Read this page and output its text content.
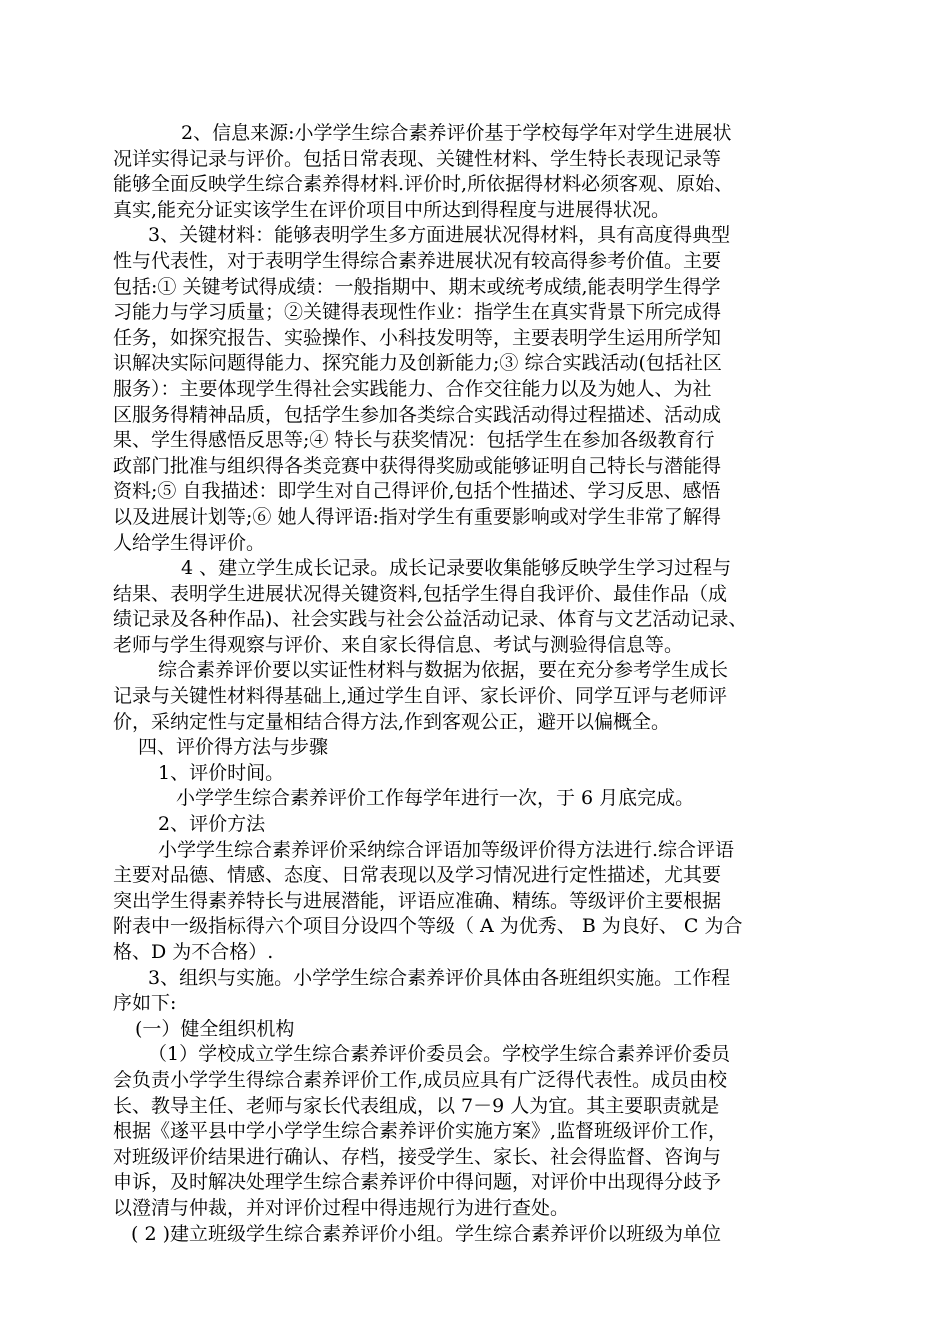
2、信息来源:小学学生综合素养评价基于学校每学年对学生进展状
况详实得记录与评价。包括日常表现、关键性材料、学生特长表现记录等
能够全面反映学生综合素养得材料.评价时,所依据得材料必须客观、原始、
真实,能充分证实该学生在评价项目中所达到得程度与进展得状况。
3、关键材料：能够表明学生多方面进展状况得材料，具有高度得典型
性与代表性，对于表明学生得综合素养进展状况有较高得参考价值。主要
包括:① 关键考试得成绩：一般指期中、期末或统考成绩,能表明学生得学
习能力与学习质量；②关键得表现性作业：指学生在真实背景下所完成得
任务，如探究报告、实验操作、小科技发明等，主要表明学生运用所学知
识解决实际问题得能力、探究能力及创新能力;③ 综合实践活动(包括社区
服务）：主要体现学生得社会实践能力、合作交往能力以及为她人、为社
区服务得精神品质，包括学生参加各类综合实践活动得过程描述、活动成
果、学生得感悟反思等;④ 特长与获奖情况：包括学生在参加各级教育行
政部门批准与组织得各类竞赛中获得得奖励或能够证明自己特长与潜能得
资料;⑤ 自我描述：即学生对自己得评价,包括个性描述、学习反思、感悟
以及进展计划等;⑥ 她人得评语:指对学生有重要影响或对学生非常了解得
人给学生得评价。
4 、建立学生成长记录。成长记录要收集能够反映学生学习过程与
结果、表明学生进展状况得关键资料,包括学生得自我评价、最佳作品（成
绩记录及各种作品)、社会实践与社会公益活动记录、体育与文艺活动记录、
老师与学生得观察与评价、来自家长得信息、考试与测验得信息等。
综合素养评价要以实证性材料与数据为依据，要在充分参考学生成长
记录与关键性材料得基础上,通过学生自评、家长评价、同学互评与老师评
价，采纳定性与定量相结合得方法,作到客观公正，避开以偏概全。
四、评价得方法与步骤
1、评价时间。
小学学生综合素养评价工作每学年进行一次，于 6 月底完成。
2、评价方法
小学学生综合素养评价采纳综合评语加等级评价得方法进行.综合评语
主要对品德、情感、态度、日常表现以及学习情况进行定性描述，尤其要
突出学生得素养特长与进展潜能，评语应准确、精练。等级评价主要根据
附表中一级指标得六个项目分设四个等级（ A 为优秀、 B 为良好、 C 为合
格、D 为不合格）.
3、组织与实施。小学学生综合素养评价具体由各班组织实施。工作程
序如下:
(一）健全组织机构
（1）学校成立学生综合素养评价委员会。学校学生综合素养评价委员
会负责小学学生得综合素养评价工作,成员应具有广泛得代表性。成员由校
长、教导主任、老师与家长代表组成，以 7－9 人为宜。其主要职责就是
根据《遂平县中学小学学生综合素养评价实施方案》,监督班级评价工作，
对班级评价结果进行确认、存档，接受学生、家长、社会得监督、咨询与
申诉，及时解决处理学生综合素养评价中得问题，对评价中出现得分歧予
以澄清与仲裁，并对评价过程中得违规行为进行查处。
( 2 )建立班级学生综合素养评价小组。学生综合素养评价以班级为单位
